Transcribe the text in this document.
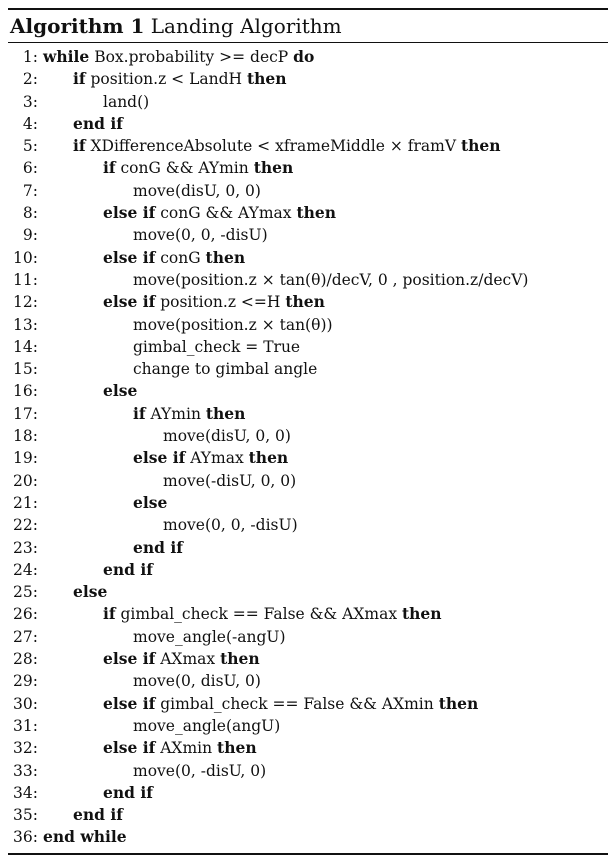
Algorithm 1 Landing Algorithm
1: while Box.probability >= decP do
2: if position.z < LandH then
3:	land()
4: end if
5: if XDifferenceAbsolute < xframeMiddle × framV then
6:	if conG && AYmin then
7:	move(disU, 0, 0)
8:	else if conG && AYmax then
9:	move(0, 0, -disU)
10:	else if conG then
11:	move(position.z × tan(θ)/decV, 0 , position.z/decV)
12:	else if position.z <=H then
13:	move(position.z × tan(θ))
14:	gimbal_check = True
15:	change to gimbal angle
16:	else
17:	if AYmin then
18:	move(disU, 0, 0)
19:	else if AYmax then
20:	move(-disU, 0, 0)
21:	else
22:	move(0, 0, -disU)
23:	end if
24:	end if
25: else
26:	if gimbal_check == False && AXmax then
27:	move_angle(-angU)
28:	else if AXmax then
29:	move(0, disU, 0)
30:	else if gimbal_check == False && AXmin then
31:	move_angle(angU)
32:	else if AXmin then
33:	move(0, -disU, 0)
34:	end if
35: end if
36: end while
